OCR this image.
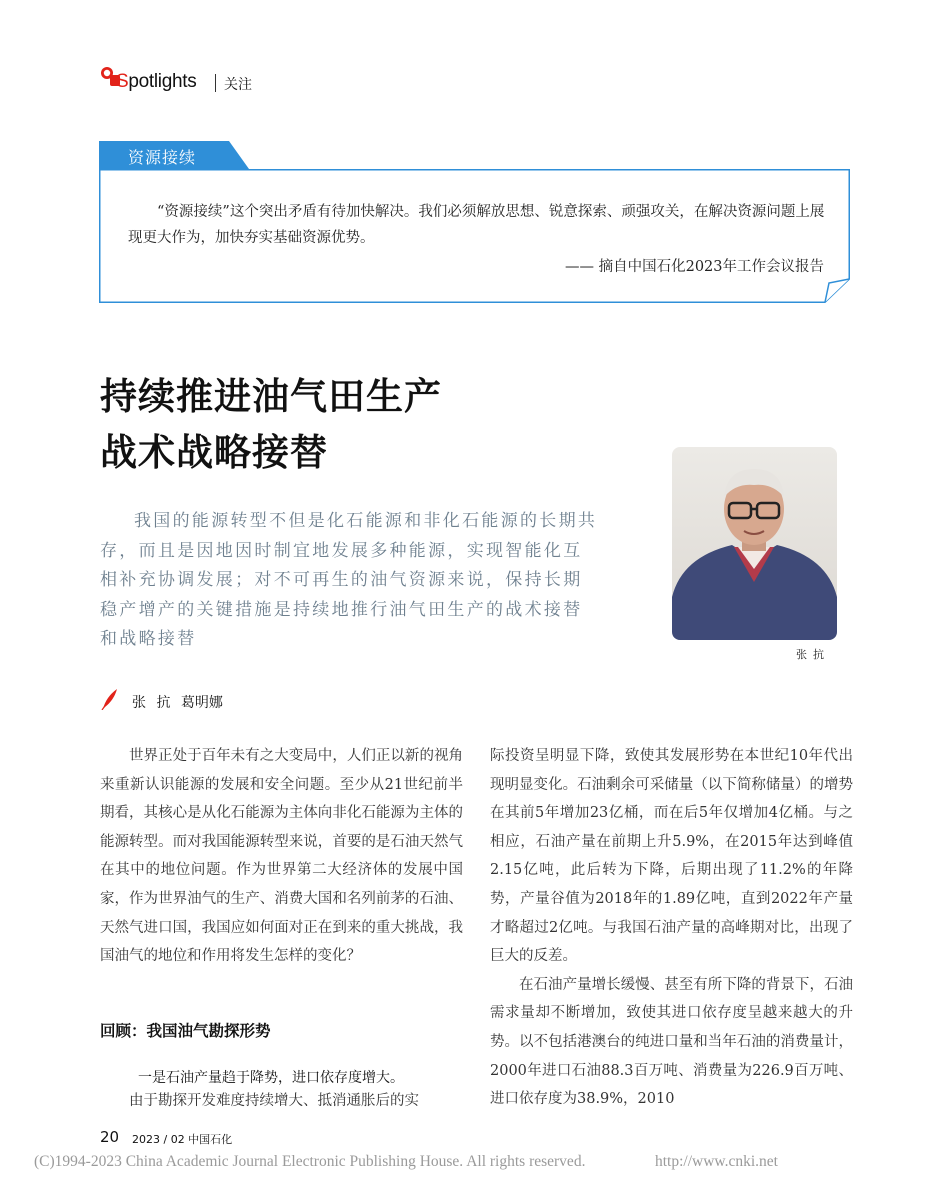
Spotlights 关注
资源接续
“资源接续”这个突出矛盾有待加快解决。我们必须解放思想、锐意探索、顽强攻关，在解决资源问题上展现更大作为，加快夯实基础资源优势。
—— 摘自中国石化2023年工作会议报告
持续推进油气田生产
战术战略接替
我国的能源转型不但是化石能源和非化石能源的长期共存，而且是因地因时制宜地发展多种能源，实现智能化互相补充协调发展；对不可再生的油气资源来说，保持长期稳产增产的关键措施是持续地推行油气田生产的战术接替和战略接替
张抗
张 抗 葛明娜

世界正处于百年未有之大变局中，人们正以新的视角来重新认识能源的发展和安全问题。至少从21世纪前半期看，其核心是从化石能源为主体向非化石能源为主体的能源转型。而对我国能源转型来说，首要的是石油天然气在其中的地位问题。作为世界第二大经济体的发展中国家，作为世界油气的生产、消费大国和名列前茅的石油、天然气进口国，我国应如何面对正在到来的重大挑战，我国油气的地位和作用将发生怎样的变化？

回顾：我国油气勘探形势
一是石油产量趋于降势，进口依存度增大。

由于勘探开发难度持续增大、抵消通胀后的实

际投资呈明显下降，致使其发展形势在本世纪10年代出现明显变化。石油剩余可采储量（以下简称储量）的增势在其前5年增加23亿桶，而在后5年仅增加4亿桶。与之相应，石油产量在前期上升5.9%，在2015年达到峰值2.15亿吨，此后转为下降，后期出现了11.2%的年降势，产量谷值为2018年的1.89亿吨，直到2022年产量才略超过2亿吨。与我国石油产量的高峰期对比，出现了巨大的反差。

在石油产量增长缓慢、甚至有所下降的背景下，石油需求量却不断增加，致使其进口依存度呈越来越大的升势。以不包括港澳台的纯进口量和当年石油的消费量计，2000年进口石油88.3百万吨、消费量为226.9百万吨、进口依存度为38.9%，2010

20 2023 / 02 中国石化
(C)1994-2023 China Academic Journal Electronic Publishing House. All rights reserved.	http://www.cnki.net
